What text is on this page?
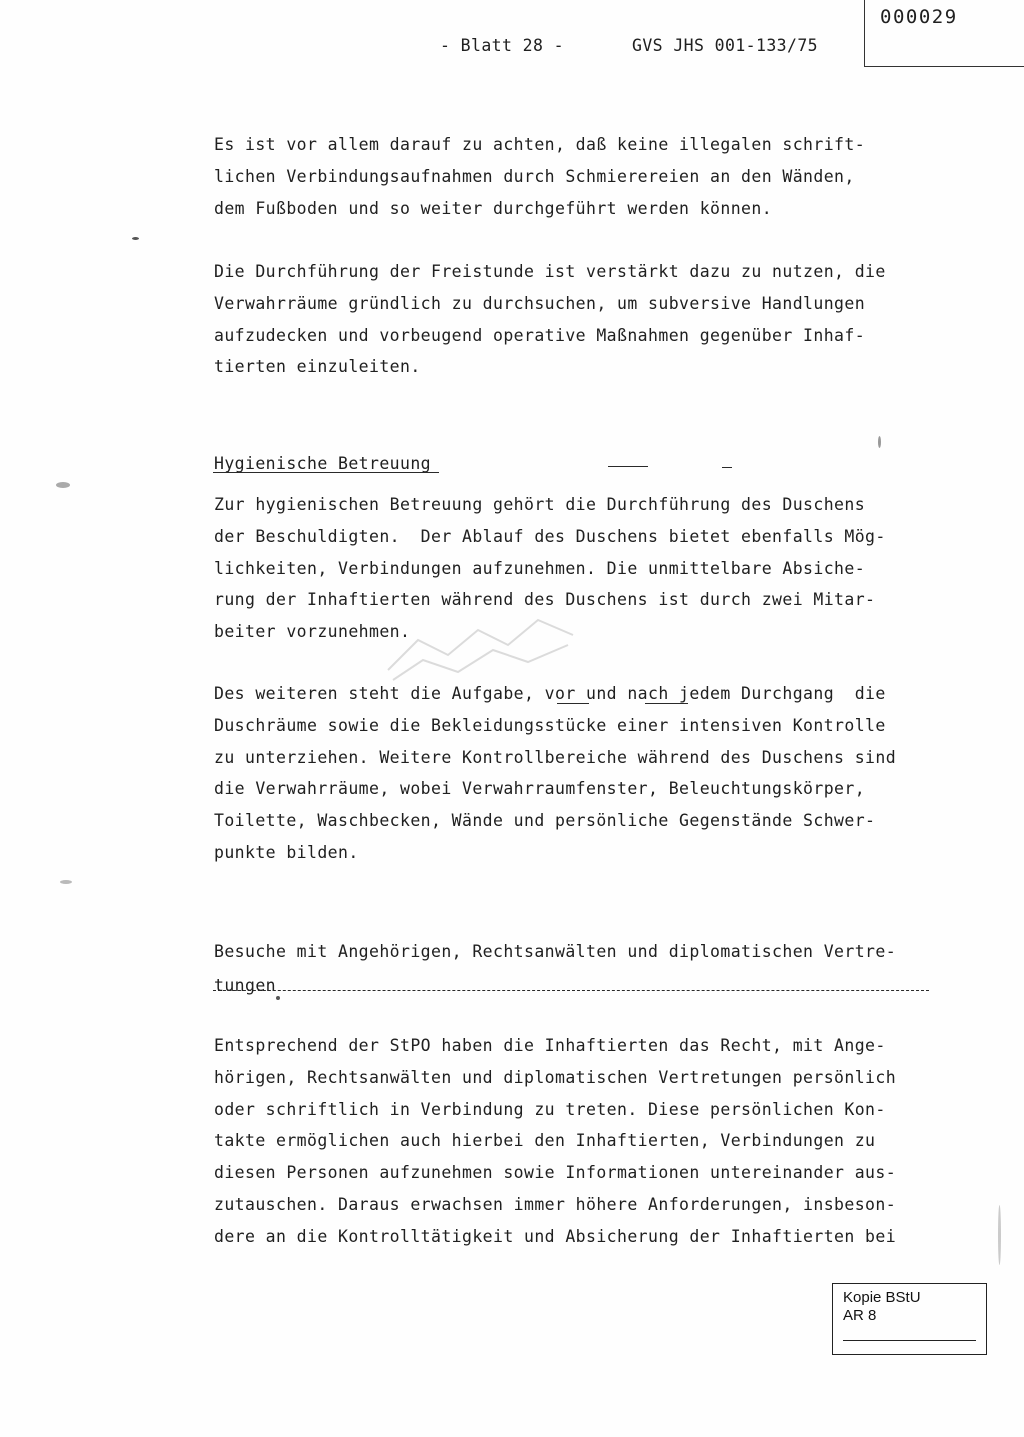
000029
- Blatt 28 -	GVS JHS 001-133/75
Es ist vor allem darauf zu achten, daß keine illegalen schrift-
lichen Verbindungsaufnahmen durch Schmierereien an den Wänden,
dem Fußboden und so weiter durchgeführt werden können.
Die Durchführung der Freistunde ist verstärkt dazu zu nutzen, die
Verwahrräume gründlich zu durchsuchen, um subversive Handlungen
aufzudecken und vorbeugend operative Maßnahmen gegenüber Inhaf-
tierten einzuleiten.
Hygienische Betreuung
Zur hygienischen Betreuung gehört die Durchführung des Duschens
der Beschuldigten.  Der Ablauf des Duschens bietet ebenfalls Mög-
lichkeiten, Verbindungen aufzunehmen. Die unmittelbare Absiche-
rung der Inhaftierten während des Duschens ist durch zwei Mitar-
beiter vorzunehmen.
Des weiteren steht die Aufgabe, vor und nach jedem Durchgang  die
Duschräume sowie die Bekleidungsstücke einer intensiven Kontrolle
zu unterziehen. Weitere Kontrollbereiche während des Duschens sind
die Verwahrräume, wobei Verwahrraumfenster, Beleuchtungskörper,
Toilette, Waschbecken, Wände und persönliche Gegenstände Schwer-
punkte bilden.
Besuche mit Angehörigen, Rechtsanwälten und diplomatischen Vertre-
tungen
Entsprechend der StPO haben die Inhaftierten das Recht, mit Ange-
hörigen, Rechtsanwälten und diplomatischen Vertretungen persönlich
oder schriftlich in Verbindung zu treten. Diese persönlichen Kon-
takte ermöglichen auch hierbei den Inhaftierten, Verbindungen zu
diesen Personen aufzunehmen sowie Informationen untereinander aus-
zutauschen. Daraus erwachsen immer höhere Anforderungen, insbeson-
dere an die Kontrolltätigkeit und Absicherung der Inhaftierten bei
Kopie BStU
AR 8
